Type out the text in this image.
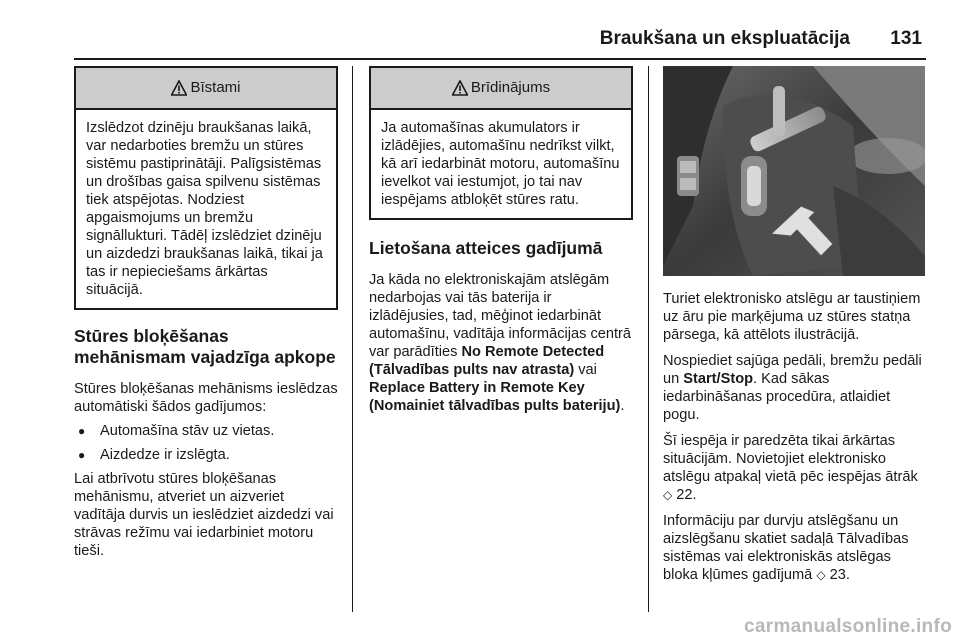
Braukšana un ekspluatācija 131
Bīstami

Izslēdzot dzinēju braukšanas laikā, var nedarboties bremžu un stūres sistēmu pastiprinātāji. Palīgsistēmas un drošības gaisa spilvenu sistēmas tiek atspējotas. Nodziest apgaismojums un bremžu signāllukturi. Tādēļ izslēdziet dzinēju un aizdedzi braukšanas laikā, tikai ja tas ir nepieciešams ārkārtas situācijā.

Stūres bloķēšanas mehānismam vajadzīga apkope

Stūres bloķēšanas mehānisms ieslēdzas automātiski šādos gadījumos:

● Automašīna stāv uz vietas.
● Aizdedze ir izslēgta.

Lai atbrīvotu stūres bloķēšanas mehānismu, atveriet un aizveriet vadītāja durvis un ieslēdziet aizdedzi vai strāvas režīmu vai iedarbiniet motoru tieši.

Brīdinājums

Ja automašīnas akumulators ir izlādējies, automašīnu nedrīkst vilkt, kā arī iedarbināt motoru, automašīnu ievelkot vai iestumjot, jo tai nav iespējams atbloķēt stūres ratu.

Lietošana atteices gadījumā

Ja kāda no elektroniskajām atslēgām nedarbojas vai tās baterija ir izlādējusies, tad, mēģinot iedarbināt automašīnu, vadītāja informācijas centrā var parādīties No Remote Detected (Tālvadības pults nav atrasta) vai Replace Battery in Remote Key (Nomainiet tālvadības pults bateriju).

Turiet elektronisko atslēgu ar taustiņiem uz āru pie marķējuma uz stūres statņa pārsega, kā attēlots ilustrācijā.

Nospiediet sajūga pedāli, bremžu pedāli un Start/Stop. Kad sākas iedarbināšanas procedūra, atlaidiet pogu.

Šī iespēja ir paredzēta tikai ārkārtas situācijām. Novietojiet elektronisko atslēgu atpakaļ vietā pēc iespējas ātrāk ◇ 22.

Informāciju par durvju atslēgšanu un aizslēgšanu skatiet sadaļā Tālvadības sistēmas vai elektroniskās atslēgas bloka kļūmes gadījumā ◇ 23.

carmanualsonline.info
